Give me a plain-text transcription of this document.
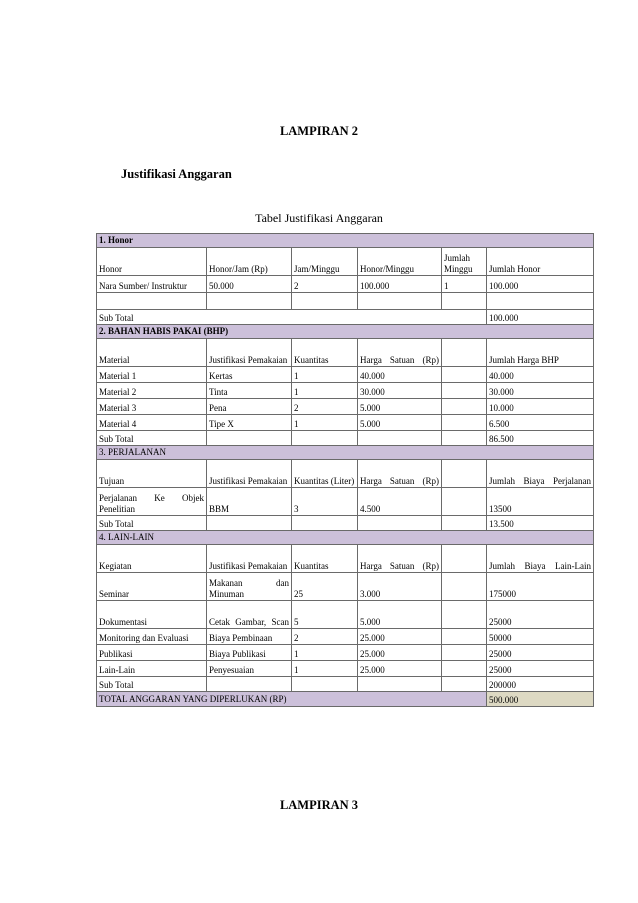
LAMPIRAN 2
Justifikasi Anggaran
Tabel Justifikasi Anggaran
1. Honor					
Honor	Honor/Jam (Rp)	Jam/Minggu	Honor/Minggu	Jumlah Minggu	Jumlah Honor
Nara Sumber/ Instruktur	50.000	2	100.000	1	100.000

Sub Total					100.000
2. BAHAN HABIS PAKAI (BHP)					
Material	Justifikasi Pemakaian	Kuantitas	Harga Satuan (Rp)		Jumlah Harga BHP
Material 1	Kertas	1	40.000		40.000
Material 2	Tinta	1	30.000		30.000
Material 3	Pena	2	5.000		10.000
Material 4	Tipe X	1	5.000		6.500
Sub Total					86.500
3. PERJALANAN					
Tujuan	Justifikasi Pemakaian	Kuantitas (Liter)	Harga Satuan (Rp)		Jumlah Biaya Perjalanan
Perjalanan Ke Objek Penelitian	BBM	3	4.500		13500
Sub Total					13.500
4. LAIN-LAIN					
Kegiatan	Justifikasi Pemakaian	Kuantitas	Harga Satuan (Rp)		Jumlah Biaya Lain-Lain
Seminar	Makanan dan Minuman	25	3.000		175000
Dokumentasi	Cetak Gambar, Scan	5	5.000		25000
Monitoring dan Evaluasi	Biaya Pembinaan	2	25.000		50000
Publikasi	Biaya Publikasi	1	25.000		25000
Lain-Lain	Penyesuaian	1	25.000		25000
Sub Total					200000
TOTAL ANGGARAN YANG DIPERLUKAN (RP)					500.000
LAMPIRAN 3
